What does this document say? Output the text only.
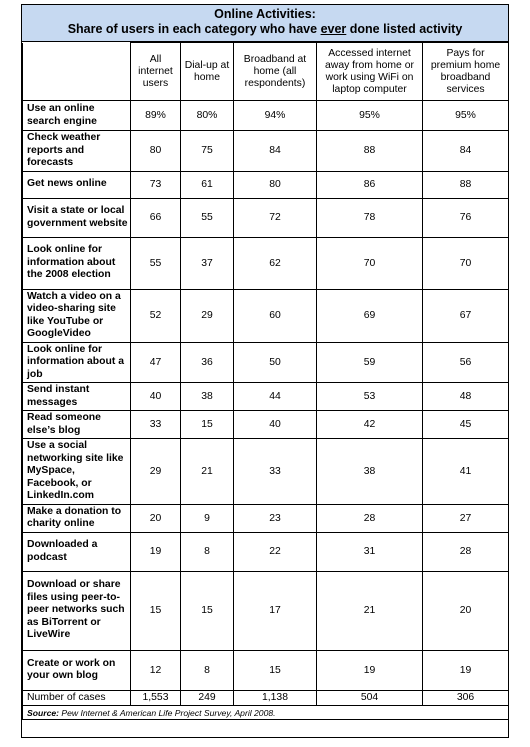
Online Activities:
Share of users in each category who have ever done listed activity
	All internet users	Dial-up at home	Broadband at home (all respondents)	Accessed internet away from home or work using WiFi on laptop computer	Pays for premium home broadband services
Use an online search engine	89%	80%	94%	95%	95%
Check weather reports and forecasts	80	75	84	88	84
Get news online	73	61	80	86	88
Visit a state or local government website	66	55	72	78	76
Look online for information about the 2008 election	55	37	62	70	70
Watch a video on a video-sharing site like YouTube or GoogleVideo	52	29	60	69	67
Look online for information about a job	47	36	50	59	56
Send instant messages	40	38	44	53	48
Read someone else’s blog	33	15	40	42	45
Use a social networking site like MySpace, Facebook, or LinkedIn.com	29	21	33	38	41
Make a donation to charity online	20	9	23	28	27
Downloaded a podcast	19	8	22	31	28
Download or share files using peer-to-peer networks such as BiTorrent or LiveWire	15	15	17	21	20
Create or work on your own blog	12	8	15	19	19
Number of cases	1,553	249	1,138	504	306
Source: Pew Internet & American Life Project Survey, April 2008.					
